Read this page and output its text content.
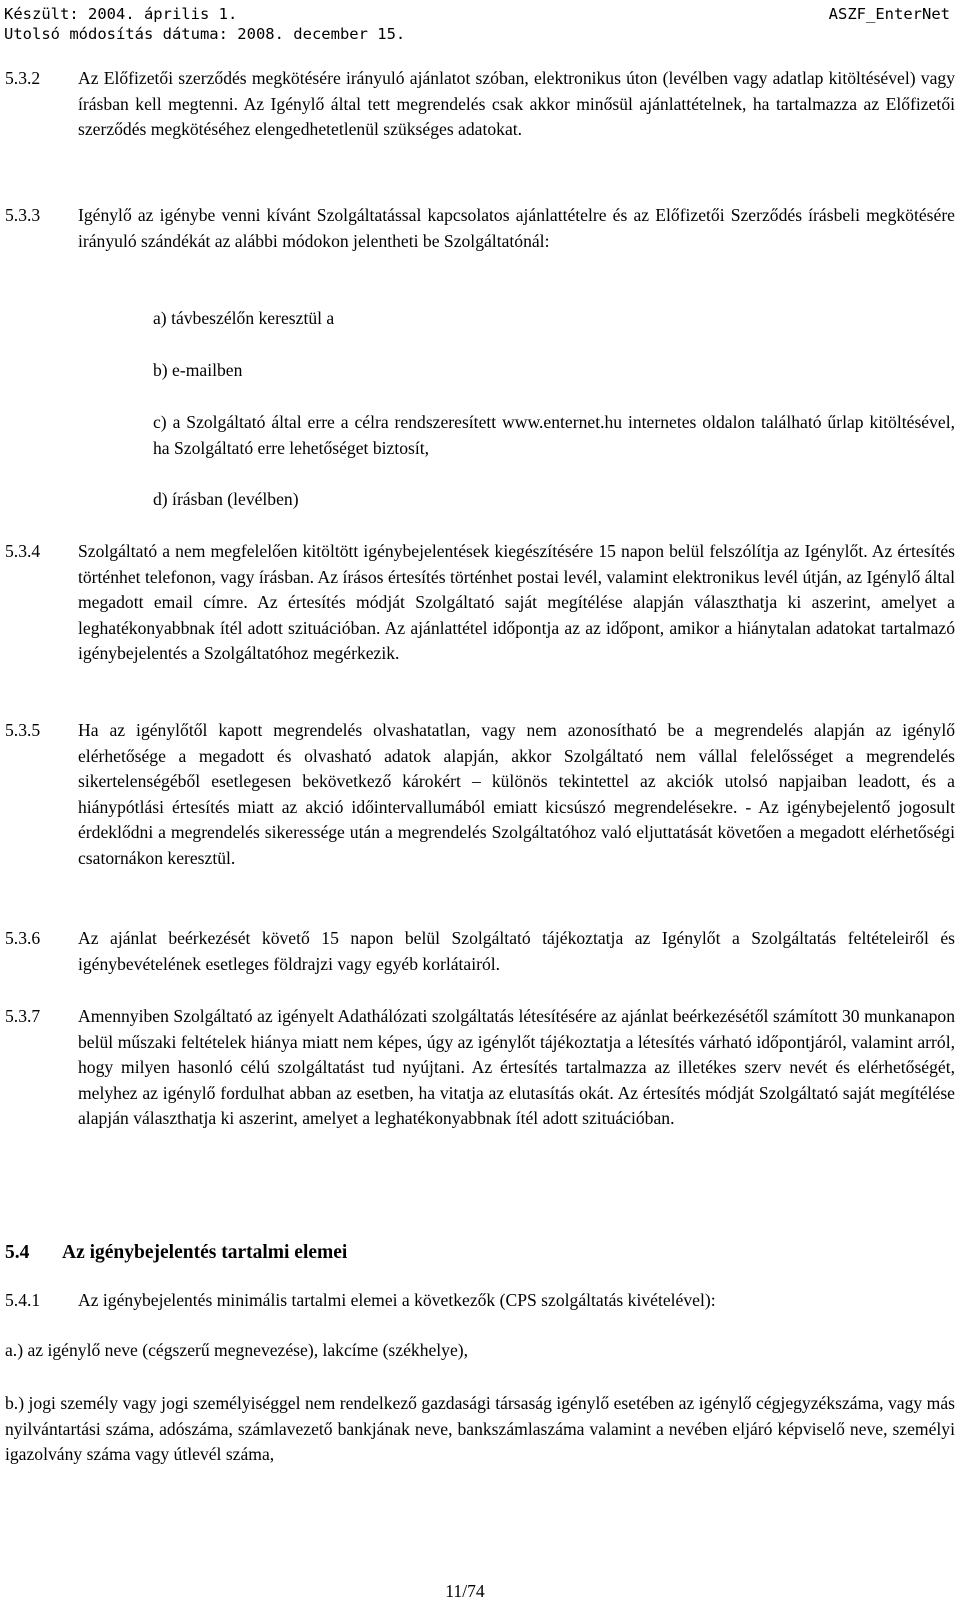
Készült: 2004. április 1.
Utolsó módosítás dátuma: 2008. december 15.
ASZF_EnterNet
5.3.2 Az Előfizetői szerződés megkötésére irányuló ajánlatot szóban, elektronikus úton (levélben vagy adatlap kitöltésével) vagy írásban kell megtenni. Az Igénylő által tett megrendelés csak akkor minősül ajánlattételnek, ha tartalmazza az Előfizetői szerződés megkötéséhez elengedhetetlenül szükséges adatokat.
5.3.3 Igénylő az igénybe venni kívánt Szolgáltatással kapcsolatos ajánlattételre és az Előfizetői Szerződés írásbeli megkötésére irányuló szándékát az alábbi módokon jelentheti be Szolgáltatónál:
a) távbeszélőn keresztül a
b) e-mailben
c) a Szolgáltató által erre a célra rendszeresített www.enternet.hu internetes oldalon található űrlap kitöltésével, ha Szolgáltató erre lehetőséget biztosít,
d) írásban (levélben)
5.3.4 Szolgáltató a nem megfelelően kitöltött igénybejelentések kiegészítésére 15 napon belül felszólítja az Igénylőt. Az értesítés történhet telefonon, vagy írásban. Az írásos értesítés történhet postai levél, valamint elektronikus levél útján, az Igénylő által megadott email címre. Az értesítés módját Szolgáltató saját megítélése alapján választhatja ki aszerint, amelyet a leghatékonyabbnak ítél adott szituációban. Az ajánlattétel időpontja az az időpont, amikor a hiánytalan adatokat tartalmazó igénybejelentés a Szolgáltatóhoz megérkezik.
5.3.5 Ha az igénylőtől kapott megrendelés olvashatatlan, vagy nem azonosítható be a megrendelés alapján az igénylő elérhetősége a megadott és olvasható adatok alapján, akkor Szolgáltató nem vállal felelősséget a megrendelés sikertelenségéből esetlegesen bekövetkező károkért – különös tekintettel az akciók utolsó napjaiban leadott, és a hiánypótlási értesítés miatt az akció időintervallumából emiatt kicsúszó megrendelésekre. - Az igénybejelentő jogosult érdeklődni a megrendelés sikeressége után a megrendelés Szolgáltatóhoz való eljuttatását követően a megadott elérhetőségi csatornákon keresztül.
5.3.6 Az ajánlat beérkezését követő 15 napon belül Szolgáltató tájékoztatja az Igénylőt a Szolgáltatás feltételeiről és igénybevételének esetleges földrajzi vagy egyéb korlátairól.
5.3.7 Amennyiben Szolgáltató az igényelt Adathálózati szolgáltatás létesítésére az ajánlat beérkezésétől számított 30 munkanapon belül műszaki feltételek hiánya miatt nem képes, úgy az igénylőt tájékoztatja a létesítés várható időpontjáról, valamint arról, hogy milyen hasonló célú szolgáltatást tud nyújtani. Az értesítés tartalmazza az illetékes szerv nevét és elérhetőségét, melyhez az igénylő fordulhat abban az esetben, ha vitatja az elutasítás okát. Az értesítés módját Szolgáltató saját megítélése alapján választhatja ki aszerint, amelyet a leghatékonyabbnak ítél adott szituációban.
5.4 Az igénybejelentés tartalmi elemei
5.4.1 Az igénybejelentés minimális tartalmi elemei a következők (CPS szolgáltatás kivételével):
a.) az igénylő neve (cégszerű megnevezése), lakcíme (székhelye),
b.) jogi személy vagy jogi személyiséggel nem rendelkező gazdasági társaság igénylő esetében az igénylő cégjegyzékszáma, vagy más nyilvántartási száma, adószáma, számlavezető bankjának neve, bankszámlaszáma valamint a nevében eljáró képviselő neve, személyi igazolvány száma vagy útlevél száma,
11/74
